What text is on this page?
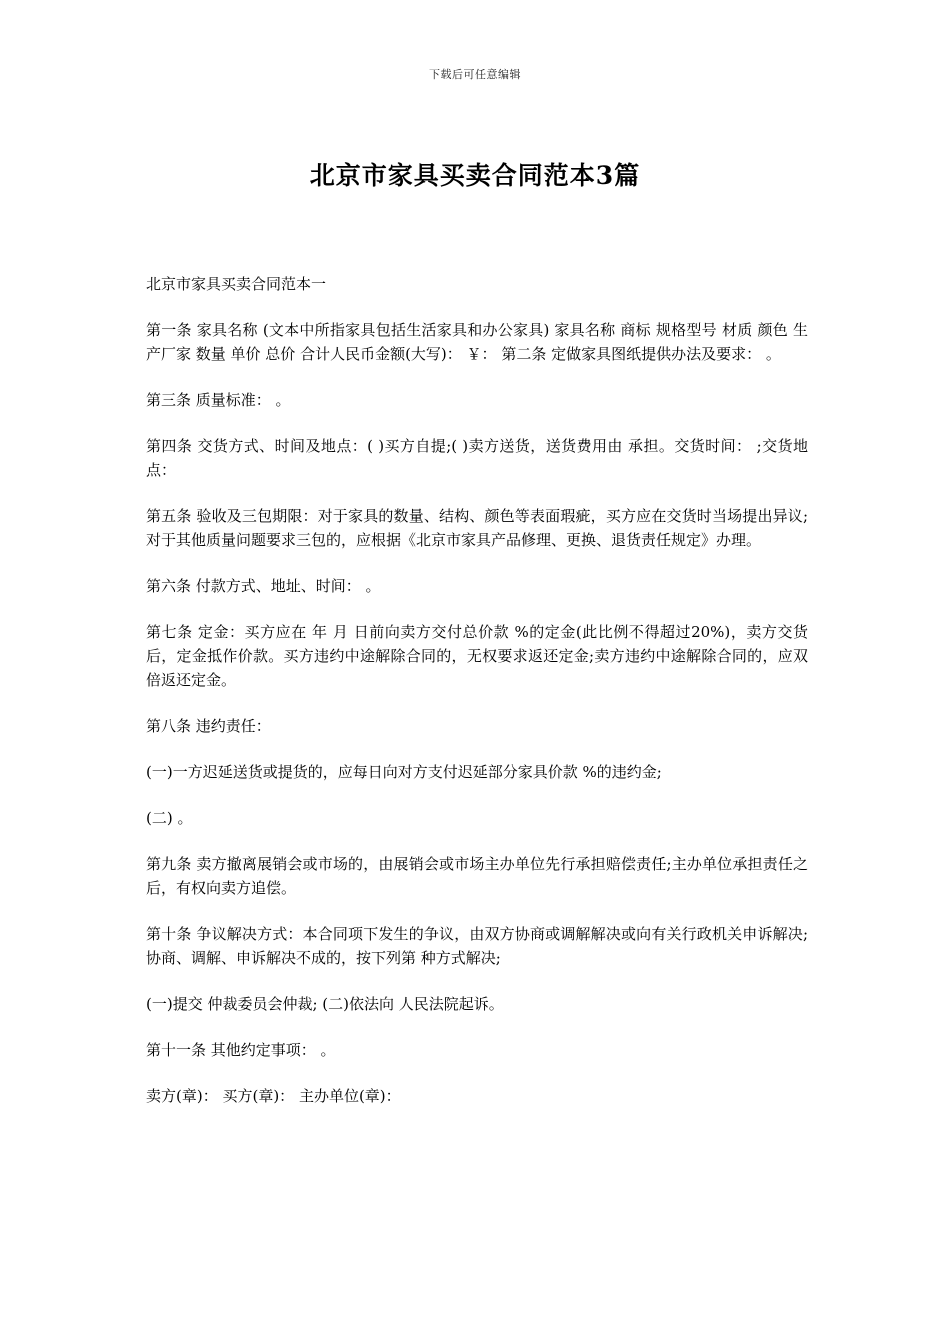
下载后可任意编辑
北京市家具买卖合同范本3篇

北京市家具买卖合同范本一

第一条 家具名称 (文本中所指家具包括生活家具和办公家具) 家具名称 商标 规格型号 材质 颜色 生产厂家 数量 单价 总价 合计人民币金额(大写)： ￥： 第二条 定做家具图纸提供办法及要求： 。

第三条 质量标准： 。

第四条 交货方式、时间及地点：( )买方自提;( )卖方送货，送货费用由 承担。交货时间： ;交货地点：

第五条 验收及三包期限：对于家具的数量、结构、颜色等表面瑕疵，买方应在交货时当场提出异议;对于其他质量问题要求三包的，应根据《北京市家具产品修理、更换、退货责任规定》办理。

第六条 付款方式、地址、时间： 。

第七条 定金：买方应在 年 月 日前向卖方交付总价款 %的定金(此比例不得超过20%)，卖方交货后，定金抵作价款。买方违约中途解除合同的，无权要求返还定金;卖方违约中途解除合同的，应双倍返还定金。

第八条 违约责任：

(一)一方迟延送货或提货的，应每日向对方支付迟延部分家具价款 %的违约金;

(二) 。

第九条 卖方撤离展销会或市场的，由展销会或市场主办单位先行承担赔偿责任;主办单位承担责任之后，有权向卖方追偿。

第十条 争议解决方式：本合同项下发生的争议，由双方协商或调解解决或向有关行政机关申诉解决;协商、调解、申诉解决不成的，按下列第 种方式解决;

(一)提交 仲裁委员会仲裁; (二)依法向 人民法院起诉。

第十一条 其他约定事项： 。

卖方(章)： 买方(章)： 主办单位(章)：
